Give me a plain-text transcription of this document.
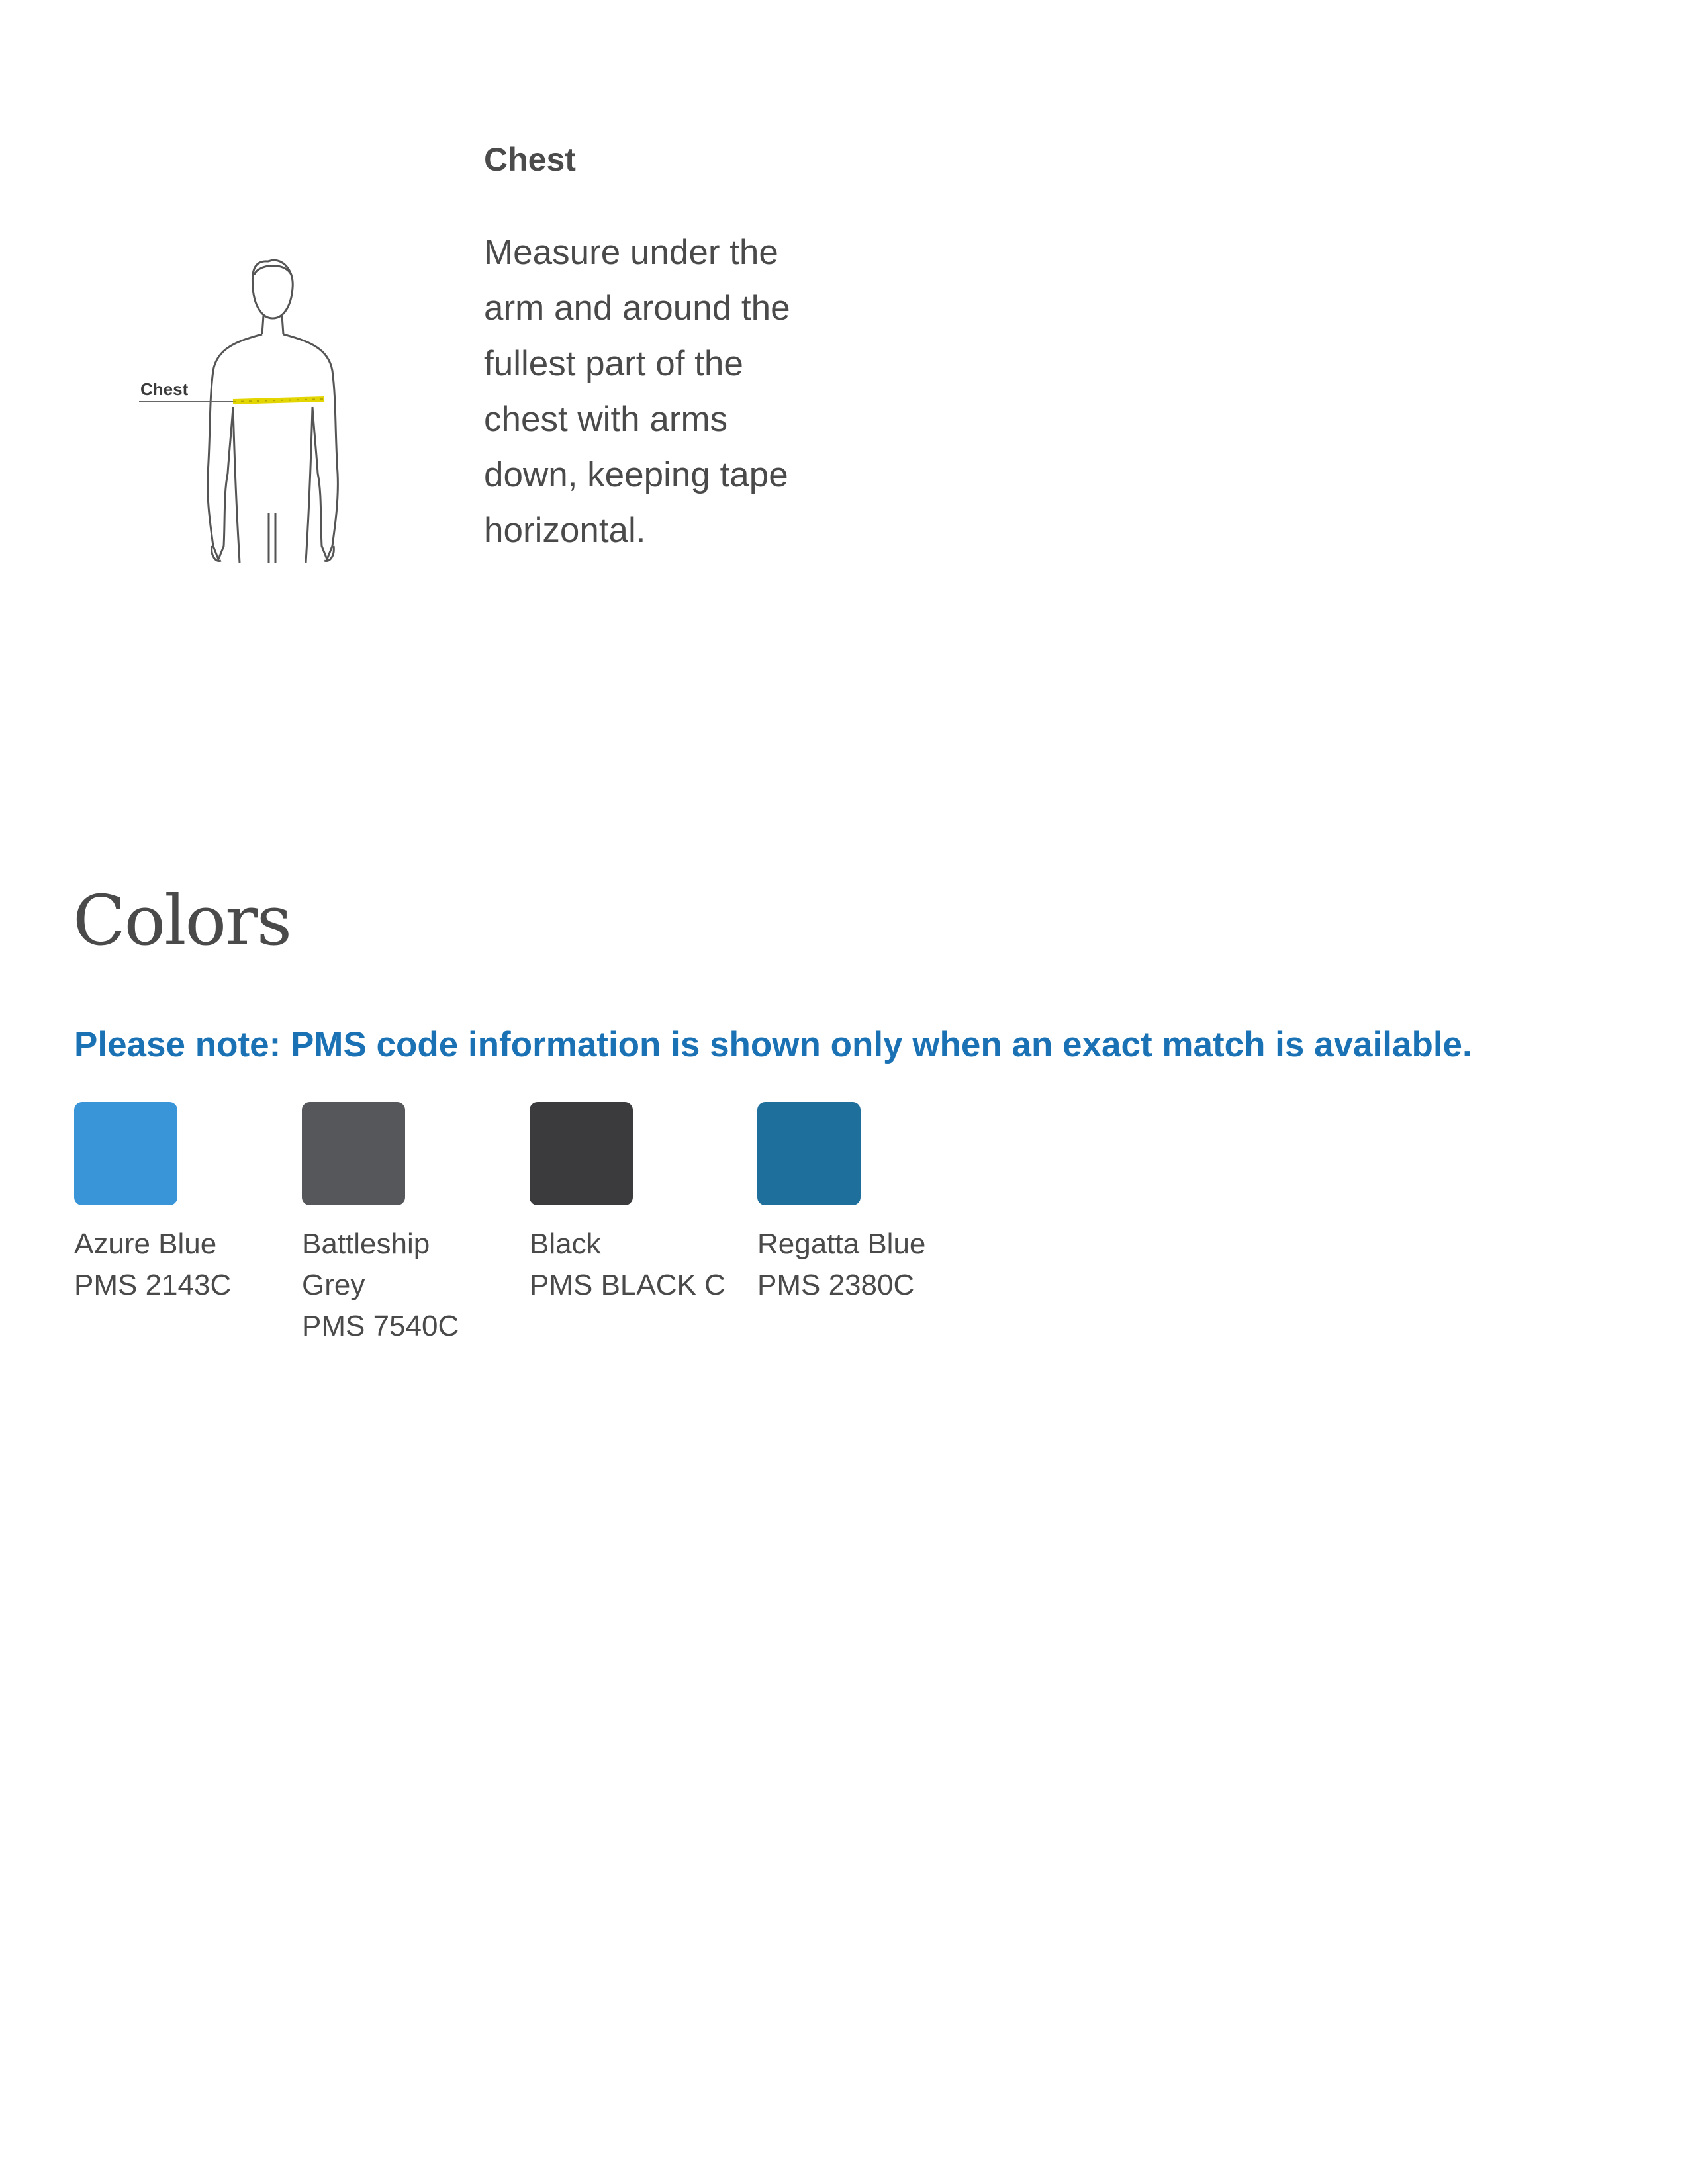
Chest
Chest

Measure under the arm and around the fullest part of the chest with arms down, keeping tape horizontal.

Colors

Please note: PMS code information is shown only when an exact match is available.

Azure Blue

PMS 2143C

Battleship Grey

PMS 7540C

Black

PMS BLACK C

Regatta Blue

PMS 2380C
